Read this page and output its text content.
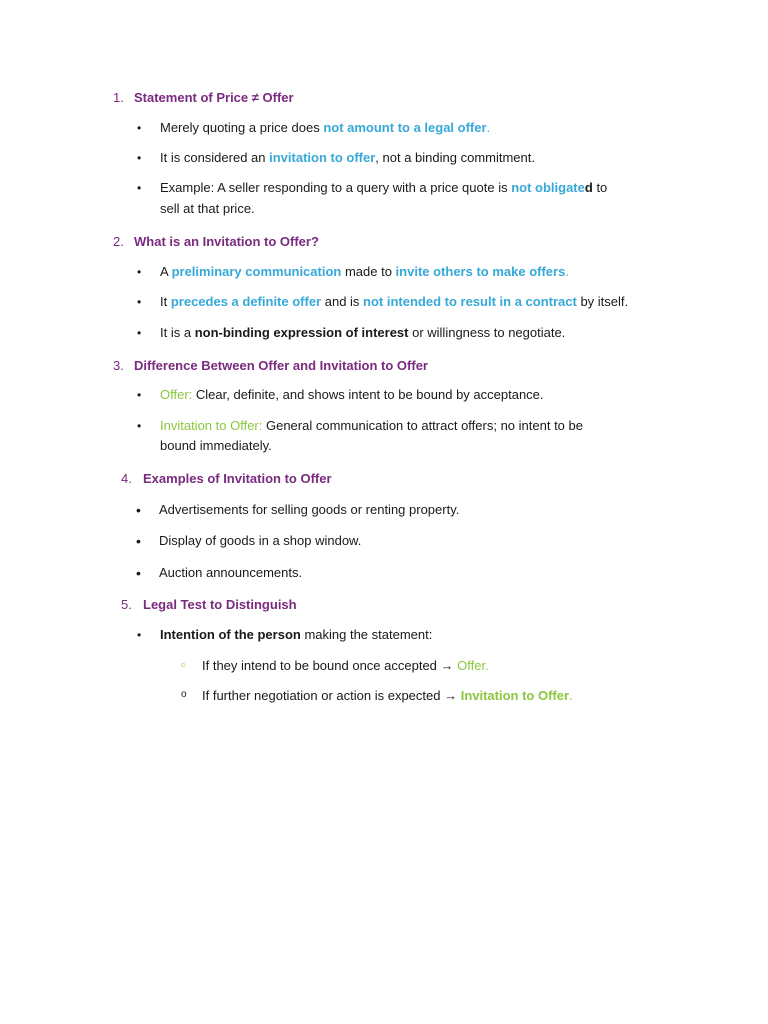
1. Statement of Price ≠ Offer
• Merely quoting a price does not amount to a legal offer.
• It is considered an invitation to offer, not a binding commitment.
• Example: A seller responding to a query with a price quote is not obligated to
sell at that price.
2. What is an Invitation to Offer?
• A preliminary communication made to invite others to make offers.
• It precedes a definite offer and is not intended to result in a contract by itself.
• It is a non-binding expression of interest or willingness to negotiate.
3. Difference Between Offer and Invitation to Offer
• Offer: Clear, definite, and shows intent to be bound by acceptance.
• Invitation to Offer: General communication to attract offers; no intent to be
bound immediately.
4. Examples of Invitation to Offer
• Advertisements for selling goods or renting property.
• Display of goods in a shop window.
• Auction announcements.
5. Legal Test to Distinguish
• Intention of the person making the statement:
○ If they intend to be bound once accepted → Offer.
o If further negotiation or action is expected → Invitation to Offer.
